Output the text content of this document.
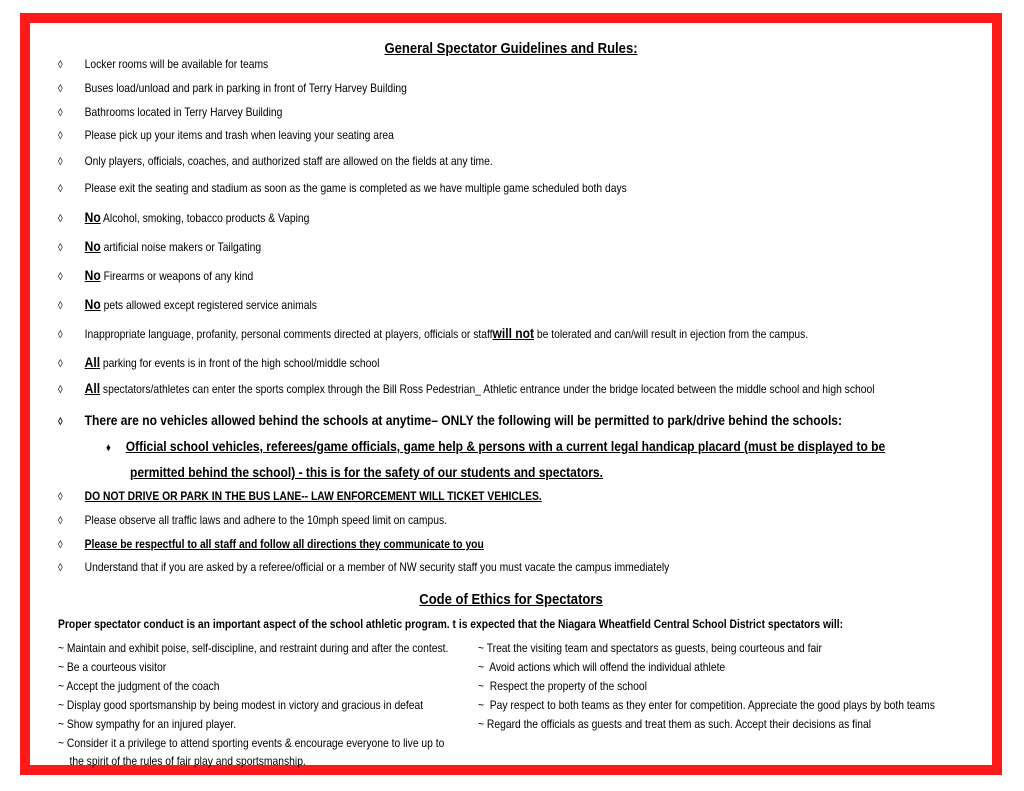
General Spectator Guidelines and Rules:
◊ Locker rooms will be available for teams
◊ Buses load/unload and park in parking in front of Terry Harvey Building
◊ Bathrooms located in Terry Harvey Building
◊ Please pick up your items and trash when leaving your seating area
◊ Only players, officials, coaches, and authorized staff are allowed on the fields at any time.
◊ Please exit the seating and stadium as soon as the game is completed as we have multiple game scheduled both days
◊ No Alcohol, smoking, tobacco products & Vaping
◊ No artificial noise makers or Tailgating
◊ No Firearms or weapons of any kind
◊ No pets allowed except registered service animals
◊ Inappropriate language, profanity, personal comments directed at players, officials or staffwill not be tolerated and can/will result in ejection from the campus.
◊ All parking for events is in front of the high school/middle school
◊ All spectators/athletes can enter the sports complex through the Bill Ross Pedestrian_ Athletic entrance under the bridge located between the middle school and high school
◊ There are no vehicles allowed behind the schools at anytime– ONLY the following will be permitted to park/drive behind the schools:
♦ Official school vehicles, referees/game officials, game help & persons with a current legal handicap placard (must be displayed to be
permitted behind the school) - this is for the safety of our students and spectators.
◊ DO NOT DRIVE OR PARK IN THE BUS LANE-- LAW ENFORCEMENT WILL TICKET VEHICLES.
◊ Please observe all traffic laws and adhere to the 10mph speed limit on campus.
◊ Please be respectful to all staff and follow all directions they communicate to you
◊ Understand that if you are asked by a referee/official or a member of NW security staff you must vacate the campus immediately
Code of Ethics for Spectators
Proper spectator conduct is an important aspect of the school athletic program. t is expected that the Niagara Wheatfield Central School District spectators will:
~ Maintain and exhibit poise, self-discipline, and restraint during and after the contest.
~ Be a courteous visitor
~ Accept the judgment of the coach
~ Display good sportsmanship by being modest in victory and gracious in defeat
~ Show sympathy for an injured player.
~ Consider it a privilege to attend sporting events & encourage everyone to live up to
the spirit of the rules of fair play and sportsmanship.
~ Treat the visiting team and spectators as guests, being courteous and fair
~  Avoid actions which will offend the individual athlete
~  Respect the property of the school
~  Pay respect to both teams as they enter for competition. Appreciate the good plays by both teams
~ Regard the officials as guests and treat them as such. Accept their decisions as final
